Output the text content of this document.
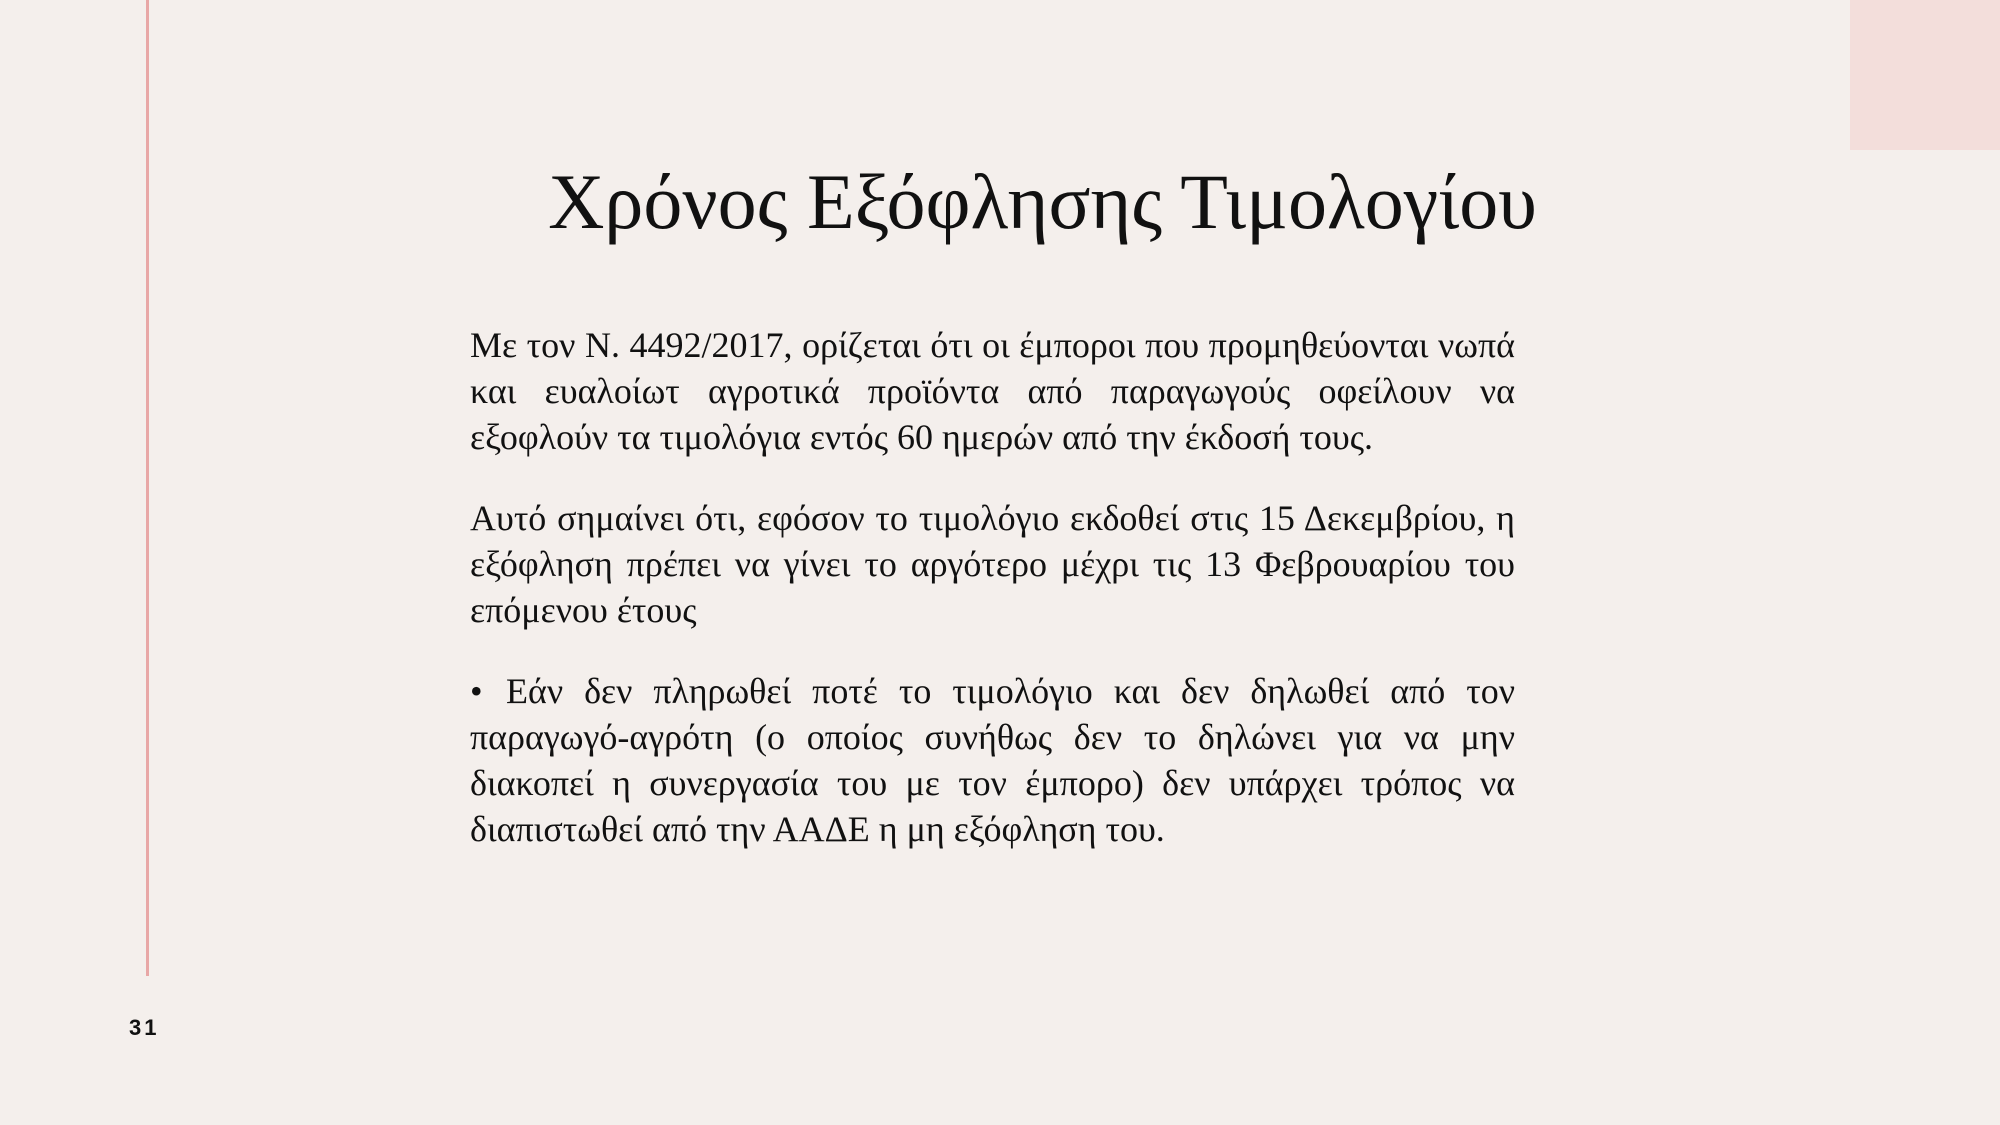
Χρόνος Εξόφλησης Τιμολογίου

Με τον Ν. 4492/2017, ορίζεται ότι οι έμποροι που προμηθεύονται νωπά και ευαλοίωτ αγροτικά προϊόντα από παραγωγούς οφείλουν να εξοφλούν τα τιμολόγια εντός 60 ημερών από την έκδοσή τους.

Αυτό σημαίνει ότι, εφόσον το τιμολόγιο εκδοθεί στις 15 Δεκεμβρίου, η εξόφληση πρέπει να γίνει το αργότερο μέχρι τις 13 Φεβρουαρίου του επόμενου έτους

• Εάν δεν πληρωθεί ποτέ το τιμολόγιο και δεν δηλωθεί από τον παραγωγό-αγρότη (ο οποίος συνήθως δεν το δηλώνει για να μην διακοπεί η συνεργασία του με τον έμπορο) δεν υπάρχει τρόπος να διαπιστωθεί από την ΑΑΔΕ η μη εξόφληση του.

31
